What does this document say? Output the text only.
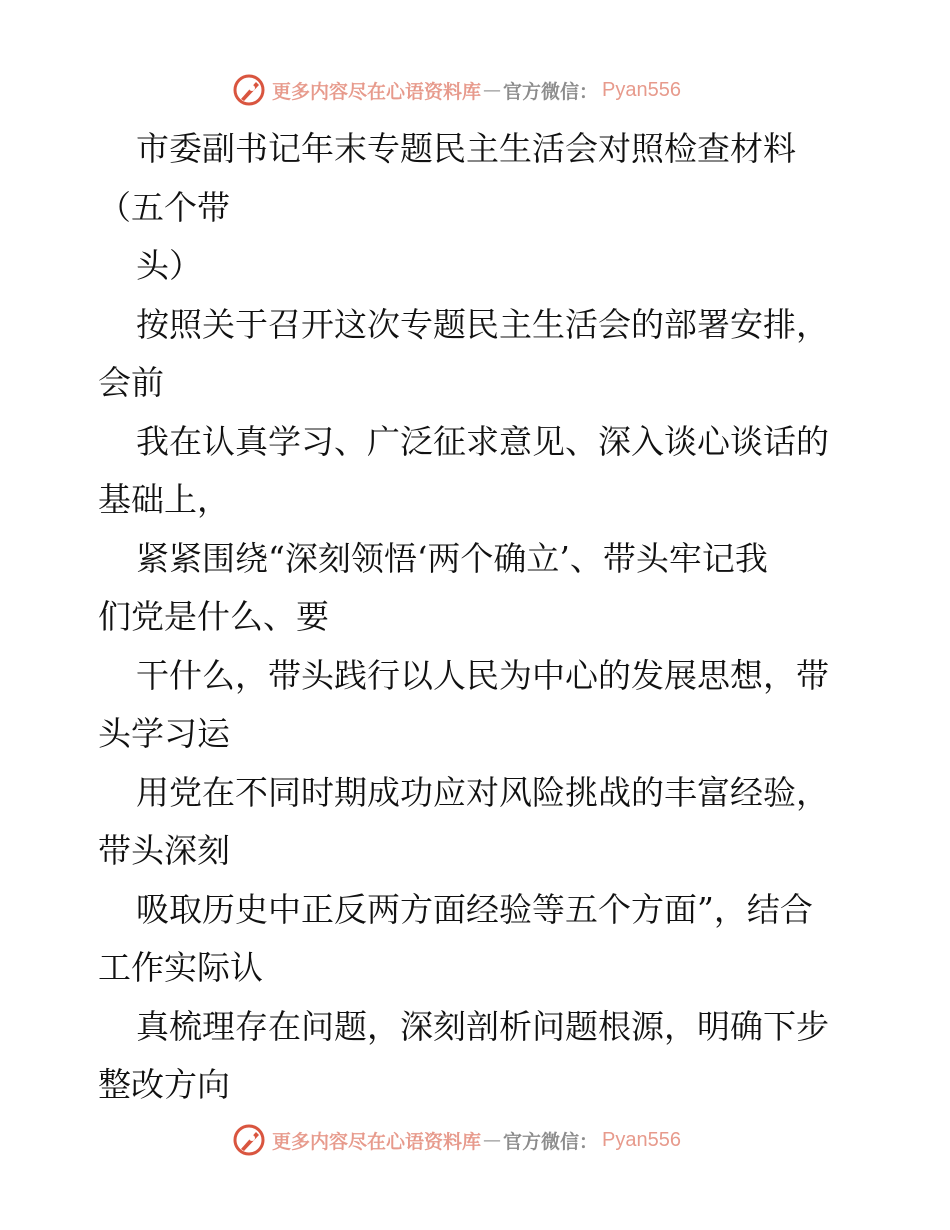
更多内容尽在心语资料库 — 官方微信： Pyan556
市委副书记年末专题民主生活会对照检查材料
（五个带
头）
按照关于召开这次专题民主生活会的部署安排，
会前
我在认真学习、广泛征求意见、深入谈心谈话的
基础上，
紧紧围绕“深刻领悟‘两个确立’、带头牢记我
们党是什么、要
干什么，带头践行以人民为中心的发展思想，带
头学习运
用党在不同时期成功应对风险挑战的丰富经验，
带头深刻
吸取历史中正反两方面经验等五个方面”，结合
工作实际认
真梳理存在问题，深刻剖析问题根源，明确下步
整改方向
更多内容尽在心语资料库 — 官方微信： Pyan556
